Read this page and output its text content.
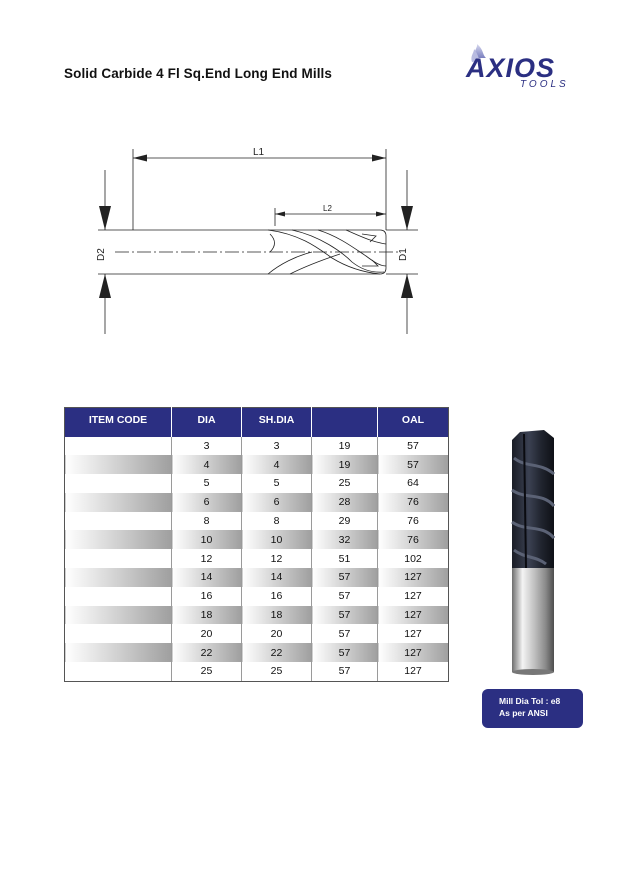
Solid Carbide 4 Fl Sq.End Long End Mills	AXIOS
TOOLS
L1
L2
D2	D1
ITEM CODE	DIA	SH.DIA		OAL
	3	3	19	57
	4	4	19	57
	5	5	25	64
	6	6	28	76
	8	8	29	76
	10	10	32	76
	12	12	51	102
	14	14	57	127
	16	16	57	127
	18	18	57	127
	20	20	57	127
	22	22	57	127
	25	25	57	127
Mill Dia Tol : e8
As per ANSI
